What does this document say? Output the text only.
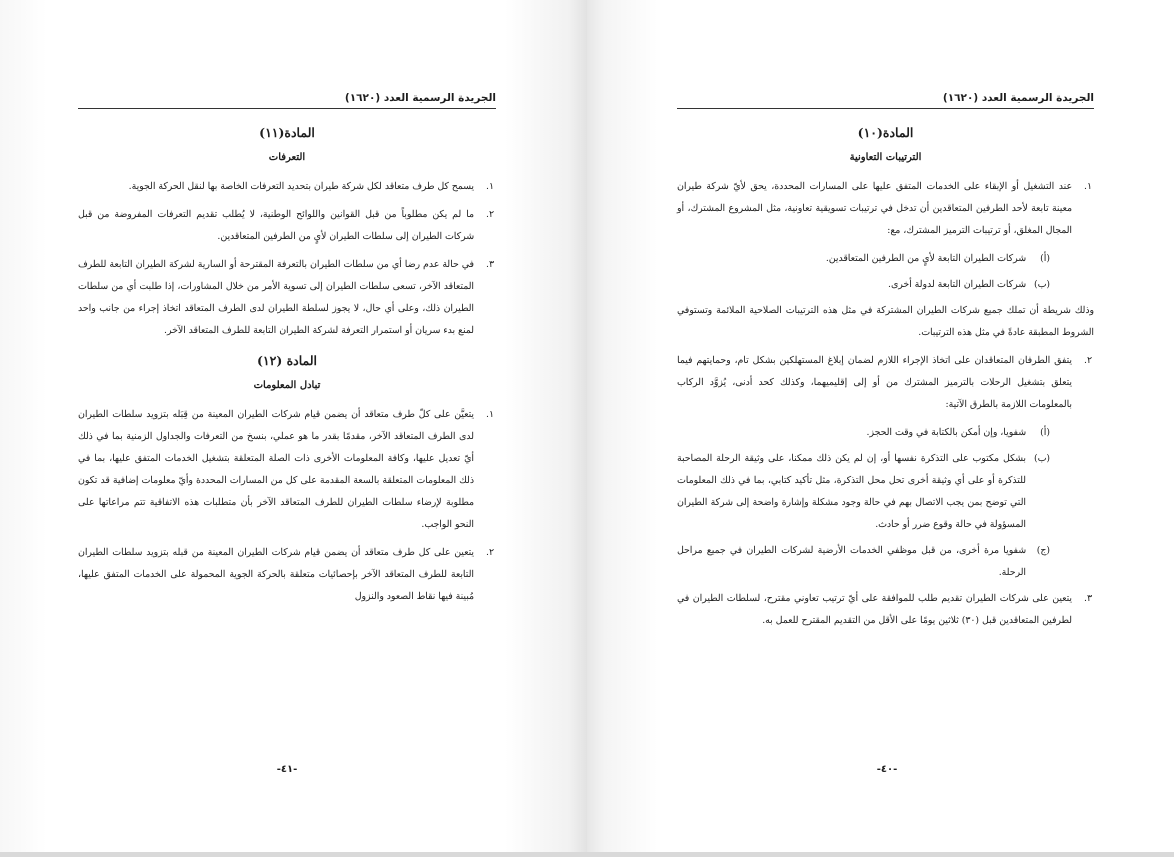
الجريدة الرسمية العدد (١٦٢٠)
المادة(١١)
التعرفات
١.
يسمح كل طرف متعاقد لكل شركة طيران بتحديد التعرفات الخاصة بها لنقل الحركة الجوية.
٢.
ما لم يكن مطلوباً من قبل القوانين واللوائح الوطنية، لا يُطلب تقديم التعرفات المفروضة من قبل شركات الطيران إلى سلطات الطيران لأيٍ من الطرفين المتعاقدين.
٣.
في حالة عدم رضا أي من سلطات الطيران بالتعرفة المقترحة أو السارية لشركة الطيران التابعة للطرف المتعاقد الآخر، تسعى سلطات الطيران إلى تسوية الأمر من خلال المشاورات، إذا طلبت أي من سلطات الطيران ذلك، وعلى أي حال، لا يجوز لسلطة الطيران لدى الطرف المتعاقد اتخاذ إجراء من جانب واحد لمنع بدء سريان أو استمرار التعرفة لشركة الطيران التابعة للطرف المتعاقد الآخر.
المادة (١٢)
تبادل المعلومات
١.
يتعيَّن على كلّ طرف متعاقد أن يضمن قيام شركات الطيران المعينة من قِبَله بتزويد سلطات الطيران لدى الطرف المتعاقد الآخر، مقدمًا بقدر ما هو عملي، بنسخ من التعرفات والجداول الزمنية بما في ذلك أيّ تعديل عليها، وكافة المعلومات الأخرى ذات الصلة المتعلقة بتشغيل الخدمات المتفق عليها، بما في ذلك المعلومات المتعلقة بالسعة المقدمة على كل من المسارات المحددة وأيّ معلومات إضافية قد تكون مطلوبة لإرضاء سلطات الطيران للطرف المتعاقد الآخر بأن متطلبات هذه الاتفاقية تتم مراعاتها على النحو الواجب.
٢.
يتعين على كل طرف متعاقد أن يضمن قيام شركات الطيران المعينة من قبله بتزويد سلطات الطيران التابعة للطرف المتعاقد الآخر بإحصائيات متعلقة بالحركة الجوية المحمولة على الخدمات المتفق عليها، مُبينة فيها نقاط الصعود والنزول
-٤١-
الجريدة الرسمية العدد (١٦٢٠)
المادة(١٠)
الترتيبات التعاونية
١.
عند التشغيل أو الإبقاء على الخدمات المتفق عليها على المسارات المحددة، يحق لأيّ شركة طيران معينة تابعة لأحد الطرفين المتعاقدين أن تدخل في ترتيبات تسويقية تعاونية، مثل المشروع المشترك، أو المجال المغلق، أو ترتيبات الترميز المشترك، مع:
(أ)
شركات الطيران التابعة لأيٍ من الطرفين المتعاقدين.
(ب)
شركات الطيران التابعة لدولة أخرى.
وذلك شريطة أن تملك جميع شركات الطيران المشتركة في مثل هذه الترتيبات الصلاحية الملائمة وتستوفي الشروط المطبقة عادةً في مثل هذه الترتيبات.
٢.
يتفق الطرفان المتعاقدان على اتخاذ الإجراء اللازم لضمان إبلاغ المستهلكين بشكل تام، وحمايتهم فيما يتعلق بتشغيل الرحلات بالترميز المشترك من أو إلى إقليميهما، وكذلك كحد أدنى، يُزوَّد الركاب بالمعلومات اللازمة بالطرق الآتية:
(أ)
شفويا، وإن أمكن بالكتابة في وقت الحجز.
(ب)
بشكل مكتوب على التذكرة نفسها أو، إن لم يكن ذلك ممكنا، على وثيقة الرحلة المصاحبة للتذكرة أو على أي وثيقة أخرى تحل محل التذكرة، مثل تأكيد كتابي، بما في ذلك المعلومات التي توضح بمن يجب الاتصال بهم في حالة وجود مشكلة وإشارة واضحة إلى شركة الطيران المسؤولة في حالة وقوع ضرر أو حادث.
(ج)
شفويا مرة أخرى، من قبل موظفي الخدمات الأرضية لشركات الطيران في جميع مراحل الرحلة.
٣.
يتعين على شركات الطيران تقديم طلب للموافقة على أيّ ترتيب تعاوني مقترح، لسلطات الطيران في لطرفين المتعاقدين قبل (٣٠) ثلاثين يومًا على الأقل من التقديم المقترح للعمل به.
-٤٠-
